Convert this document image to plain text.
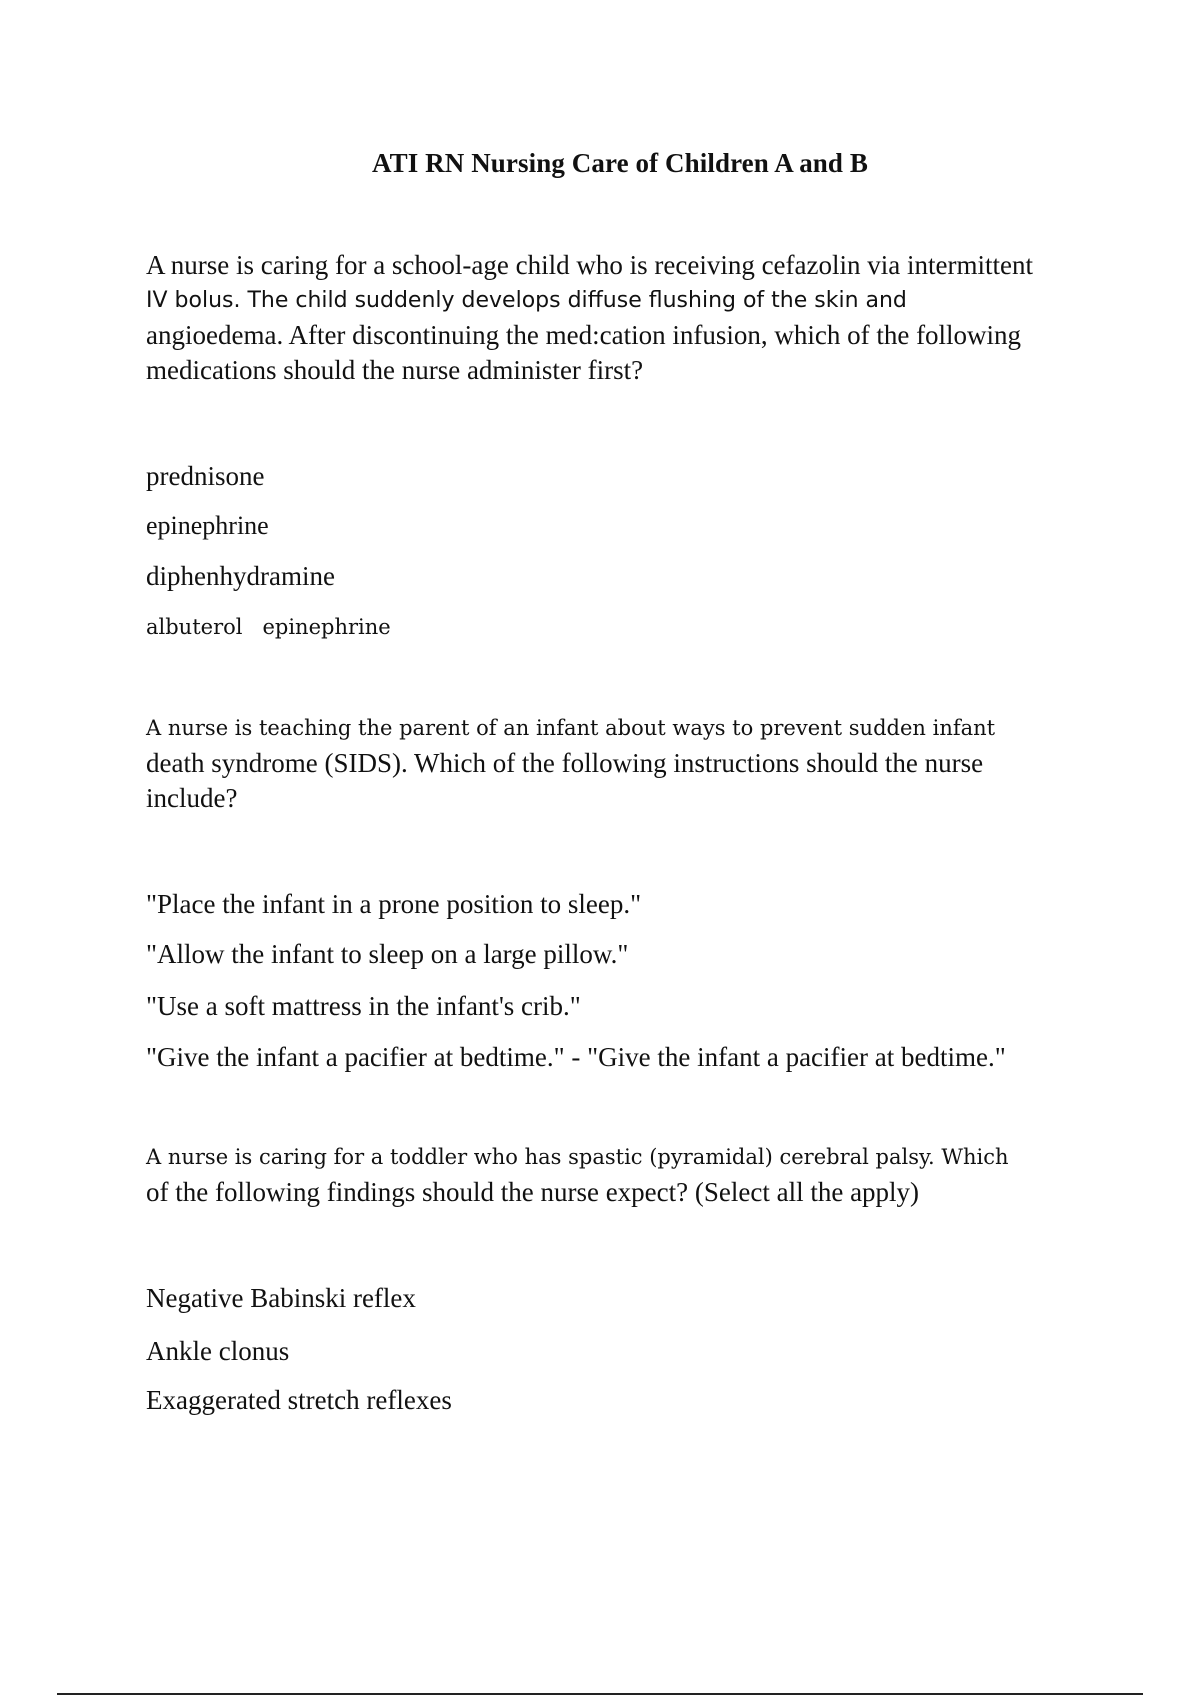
ATI RN Nursing Care of Children A and B
A nurse is caring for a school-age child who is receiving cefazolin via intermittent
IV bolus. The child suddenly develops diffuse flushing of the skin and
angioedema. After discontinuing the med:cation infusion, which of the following
medications should the nurse administer first?
prednisone
epinephrine
diphenhydramine
albuterol epinephrine
A nurse is teaching the parent of an infant about ways to prevent sudden infant
death syndrome (SIDS). Which of the following instructions should the nurse
include?
"Place the infant in a prone position to sleep."
"Allow the infant to sleep on a large pillow."
"Use a soft mattress in the infant's crib."
"Give the infant a pacifier at bedtime." - "Give the infant a pacifier at bedtime."
A nurse is caring for a toddler who has spastic (pyramidal) cerebral palsy. Which
of the following findings should the nurse expect? (Select all the apply)
Negative Babinski reflex
Ankle clonus
Exaggerated stretch reflexes
